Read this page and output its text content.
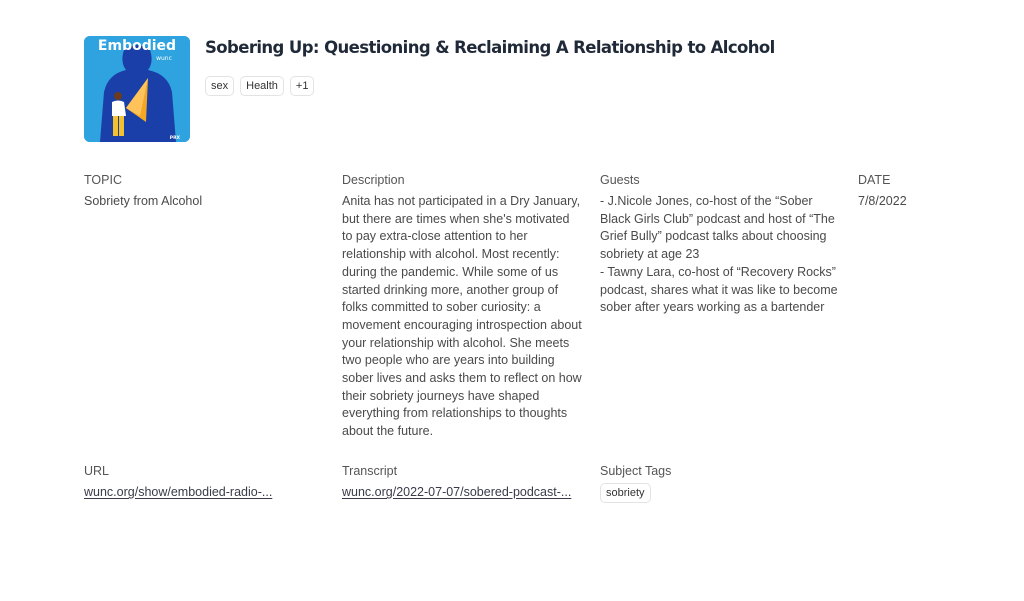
Embodied
wunc
PRX
Sobering Up: Questioning & Reclaiming A Relationship to Alcohol
sex	Health	+1
TOPIC
Sobriety from Alcohol
Description
Anita has not participated in a Dry January, but there are times when she's motivated to pay extra-close attention to her relationship with alcohol. Most recently: during the pandemic. While some of us started drinking more, another group of folks committed to sober curiosity: a movement encouraging introspection about your relationship with alcohol. She meets two people who are years into building sober lives and asks them to reflect on how their sobriety journeys have shaped everything from relationships to thoughts about the future.
Guests
- J.Nicole Jones, co-host of the “Sober Black Girls Club” podcast and host of “The Grief Bully” podcast talks about choosing sobriety at age 23
- Tawny Lara, co-host of “Recovery Rocks” podcast, shares what it was like to become sober after years working as a bartender
DATE
7/8/2022
URL
wunc.org/show/embodied-radio-...
Transcript
wunc.org/2022-07-07/sobered-podcast-...
Subject Tags
sobriety
